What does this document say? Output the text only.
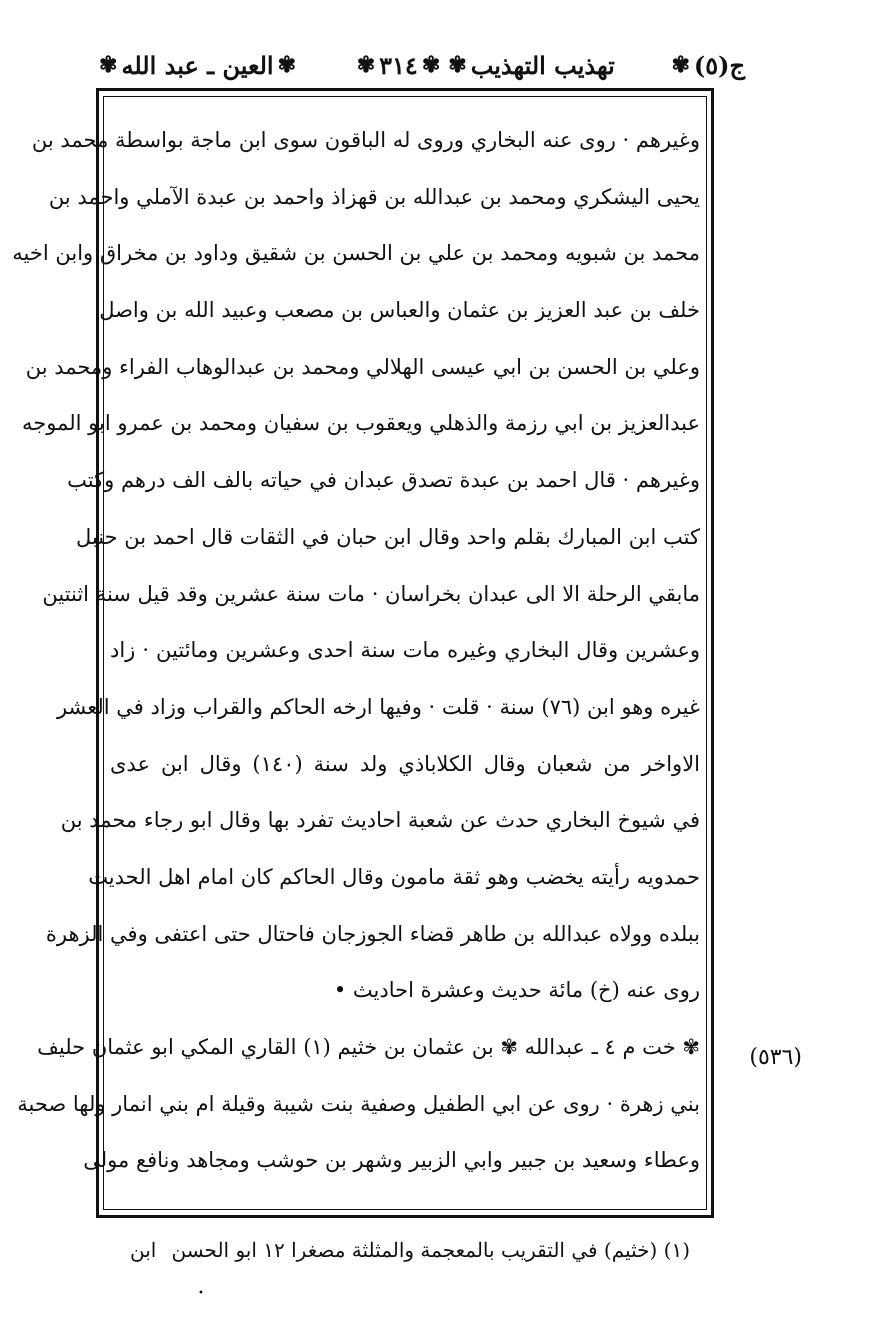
ج(٥)
✾
تهذيب التهذيب
✾
✾
٣١٤
✾
✾
العين ـ عبد الله
✾
وغيرهم · روى عنه البخاري وروى له الباقون سوى ابن ماجة بواسطة محمد بن
يحيى اليشكري ومحمد بن عبدالله بن قهزاذ واحمد بن عبدة الآملي واحمد بن
محمد بن شبويه ومحمد بن علي بن الحسن بن شقيق وداود بن مخراق وابن اخيه
خلف بن عبد العزيز بن عثمان والعباس بن مصعب وعبيد الله بن واصل
وعلي بن الحسن بن ابي عيسى الهلالي ومحمد بن عبدالوهاب الفراء ومحمد بن
عبدالعزيز بن ابي رزمة والذهلي ويعقوب بن سفيان ومحمد بن عمرو ابو الموجه
وغيرهم · قال احمد بن عبدة تصدق عبدان في حياته بالف الف درهم وكتب
كتب ابن المبارك بقلم واحد وقال ابن حبان في الثقات قال احمد بن حنبل
مابقي الرحلة الا الى عبدان بخراسان · مات سنة عشرين وقد قيل سنة اثنتين
وعشرين وقال البخاري وغيره مات سنة احدى وعشرين ومائتين · زاد
غيره وهو ابن (٧٦) سنة · قلت · وفيها ارخه الحاكم والقراب وزاد في العشر
الاواخر من شعبان وقال الكلاباذي ولد سنة (١٤٠) وقال ابن عدى
في شيوخ البخاري حدث عن شعبة احاديث تفرد بها وقال ابو رجاء محمد بن
حمدويه رأيته يخضب وهو ثقة مامون وقال الحاكم كان امام اهل الحديث
ببلده وولاه عبدالله بن طاهر قضاء الجوزجان فاحتال حتى اعتفى وفي الزهرة
روى عنه (خ) مائة حديث وعشرة احاديث •
✾ خت م ٤ ـ عبدالله ✾ بن عثمان بن خثيم (١) القاري المكي ابو عثمان حليف
بني زهرة · روى عن ابي الطفيل وصفية بنت شيبة وقيلة ام بني انمار ولها صحبة
وعطاء وسعيد بن جبير وابي الزبير وشهر بن حوشب ومجاهد ونافع مولى
(٥٣٦)
(١) (خثيم) في التقريب بالمعجمة والمثلثة مصغرا ١٢ ابو الحسن
ابن
•
